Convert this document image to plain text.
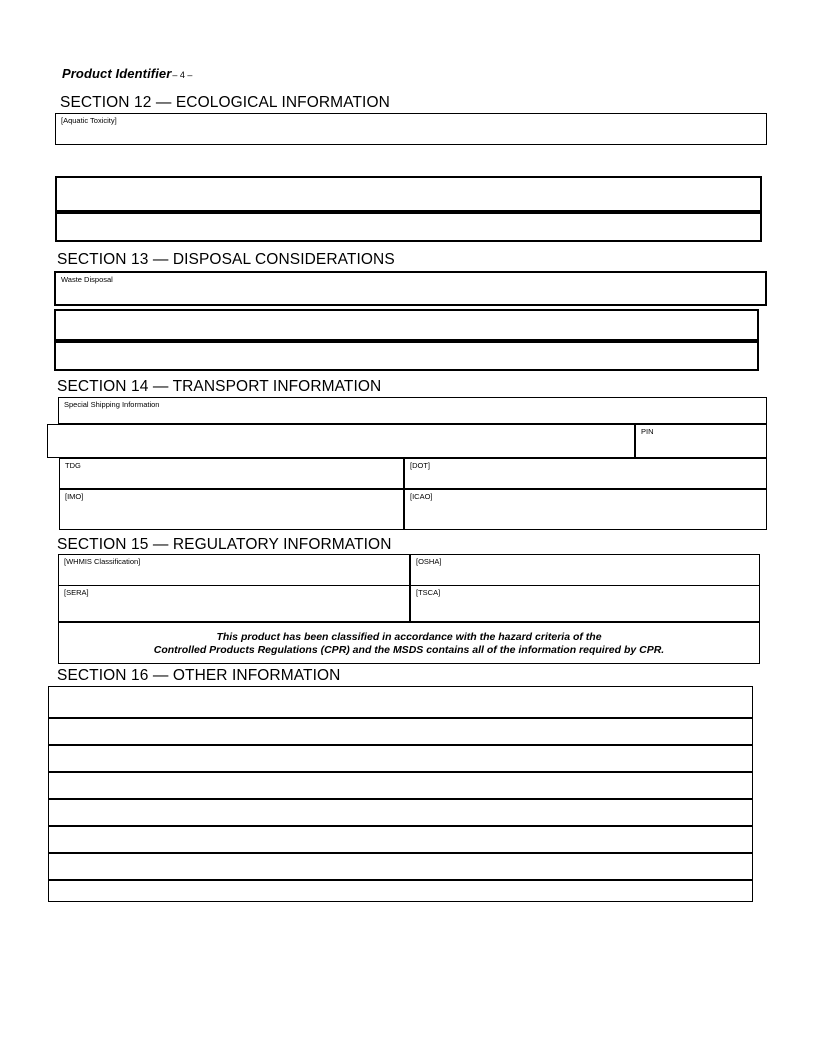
Product Identifier – 4 –
SECTION 12 — ECOLOGICAL INFORMATION
[Aquatic Toxicity]
SECTION 13 — DISPOSAL CONSIDERATIONS
Waste Disposal
SECTION 14 — TRANSPORT INFORMATION
Special Shipping Information
PIN
TDG	[DOT]
[IMO]	[ICAO]
SECTION 15 — REGULATORY INFORMATION
[WHMIS Classification]	[OSHA]
[SERA]	[TSCA]
This product has been classified in accordance with the hazard criteria of the
Controlled Products Regulations (CPR) and the MSDS contains all of the information required by CPR.
SECTION 16 — OTHER INFORMATION
